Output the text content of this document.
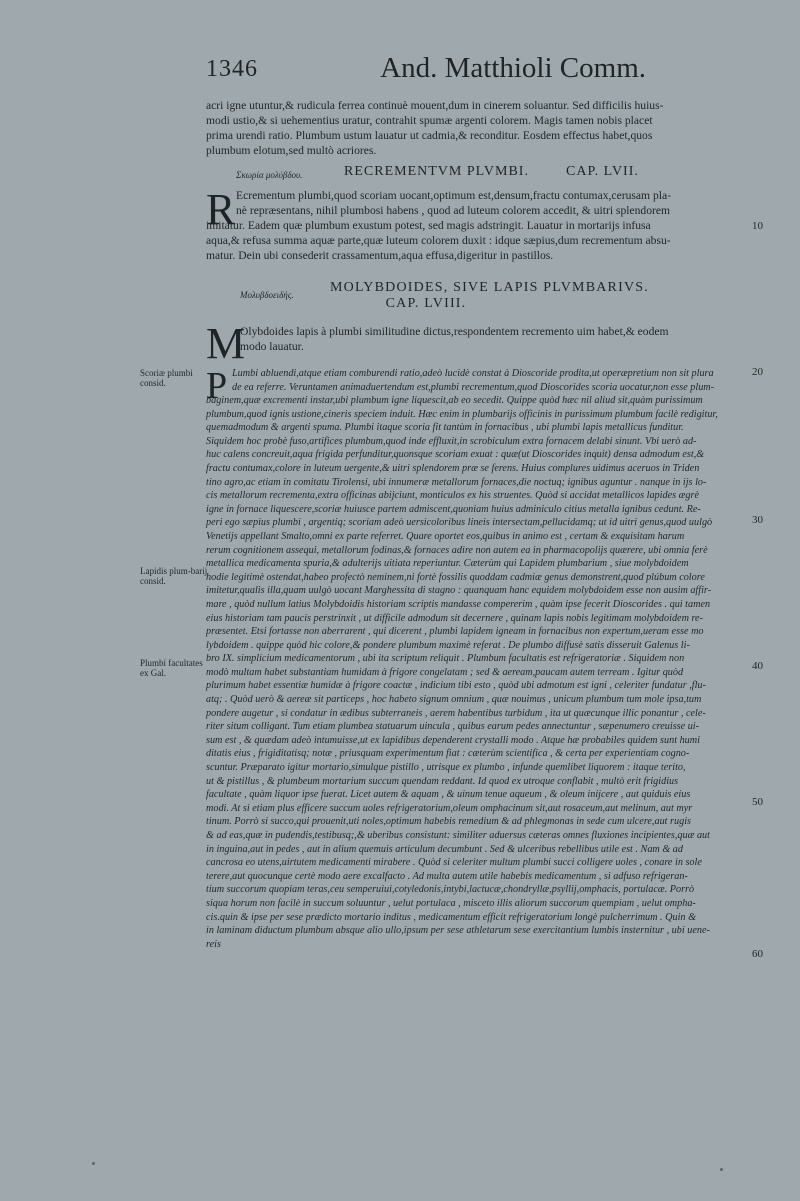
1346	And. Matthioli Comm.
acri igne utuntur,& rudicula ferrea continuè mouent,dum in cinerem soluantur. Sed difficilis huius-
modi ustio,& si uehementius uratur, contrahit spumæ argenti colorem. Magis tamen nobis placet
prima urendi ratio. Plumbum ustum lauatur ut cadmia,& reconditur. Eosdem effectus habet,quos
plumbum elotum,sed multò acriores.
Σκωρία μολύβδου.	RECREMENTVM PLVMBI.	CAP. LVII.
R Ecrementum plumbi,quod scoriam uocant,optimum est,densum,fractu contumax,cerusam pla-
nè repræsentans, nihil plumbosi habens , quod ad luteum colorem accedit, & uitri splendorem
imitatur. Eadem quæ plumbum exustum potest, sed magis adstringit. Lauatur in mortarijs infusa
aqua,& refusa summa aquæ parte,quæ luteum colorem duxit : idque sæpius,dum recrementum absu-
matur. Dein ubi consederit crassamentum,aqua effusa,digeritur in pastillos.
Μολυβδοειδής.	MOLYBDOIDES, SIVE LAPIS PLVMBARIVS.
CAP. LVIII.
M
Olybdoides lapis à plumbi similitudine dictus,respondentem recremento uim habet,& eodem
modo lauatur.
P Lumbi abluendi,atque etiam comburendi ratio,adeò lucidè constat à Dioscoride prodita,ut operæpretium non sit plura
de ea referre. Veruntamen animaduertendum est,plumbi recrementum,quod Dioscorides scoria uocatur,non esse plum-
baginem,quæ excrementi instar,ubi plumbum igne liquescit,ab eo secedit. Quippe quòd hæc nil aliud sit,quàm purissimum
plumbum,quod ignis ustione,cineris speciem induit. Hæc enim in plumbarijs officinis in purissimum plumbum facilè redigitur,
quemadmodum & argenti spuma. Plumbi itaque scoria fit tantùm in fornacibus , ubi plumbi lapis metallicus funditur.
Siquidem hoc probè fuso,artifices plumbum,quod inde effluxit,in scrobiculum extra fornacem delabi sinunt. Vbi uerò ad-
huc calens concreuit,aqua frigida perfunditur,quonsque scoriam exuat : quæ(ut Dioscorides inquit) densa admodum est,&
fractu contumax,colore in luteum uergente,& uitri splendorem præ se ferens. Huius complures uidimus aceruos in Triden
tino agro,ac etiam in comitatu Tirolensi, ubi innumeræ metallorum fornaces,die noctuq; ignibus aguntur . nanque in ijs lo-
cis metallorum recrementa,extra officinas abijciunt, monticulos ex his struentes. Quòd si accidat metallicos lapides ægrè
igne in fornace liquescere,scoriæ huiusce partem admiscent,quoniam huius adminiculo citius metalla ignibus cedunt. Re-
peri ego sæpius plumbi , argentiq; scoriam adeò uersicoloribus lineis intersectam,pellucidamq; ut id uitri genus,quod uulgò
Venetijs appellant Smalto,omni ex parte referret. Quare oportet eos,quibus in animo est , certam & exquisitam harum
rerum cognitionem assequi, metallorum fodinas,& fornaces adire non autem ea in pharmacopolijs quærere, ubi omnia ferè
metallica medicamenta spuria,& adulterijs uitiata reperiuntur. Cæterùm qui Lapidem plumbarium , siue molybdoidem
hodie legitimè ostendat,habeo profectò neminem,ni fortè fossilis quoddam cadmiæ genus demonstrent,quod plúbum colore
imitetur,qualis illa,quam uulgò uocant Marghessita di stagno : quanquam hanc equidem molybdoidem esse non ausim affir-
mare , quòd nullum latius Molybdoidis historiam scriptis mandasse compererim , quàm ipse fecerit Dioscorides . qui tamen
eius historiam tam paucis perstrinxit , ut difficile admodum sit decernere , quinam lapis nobis legitimam molybdoidem re-
præsentet. Etsi fortasse non aberrarent , qui dicerent , plumbi lapidem igneam in fornacibus non expertum,ueram esse mo
lybdoidem . quippe quòd hic colore,& pondere plumbum maximè referat . De plumbo diffusè satis disseruit Galenus li-
bro IX. simplicium medicamentorum , ubi ita scriptum reliquit . Plumbum facultatis est refrigeratoriæ . Siquidem non
modò multam habet substantiam humidam à frigore congelatam ; sed & aeream,paucam autem terream . Igitur quòd
plurimum habet essentiæ humidæ à frigore coactæ , indicium tibi esto , quòd ubi admotum est igni , celeriter fundatur ,flu-
atq; . Quòd uerò & aereæ sit particeps , hoc habeto signum omnium , quæ nouimus , unicum plumbum tum mole ipsa,tum
pondere augetur , si condatur in ædibus subterraneis , aerem habentibus turbidum , ita ut quæcunque illic ponantur , cele-
riter situm colligant. Tum etiam plumbea statuarum uincula , quibus earum pedes annectuntur , sæpenumero creuisse ui-
sum est , & quædam adeò intumuisse,ut ex lapidibus dependerent crystalli modo . Atque hæ probabiles quidem sunt humi
ditatis eius , frigiditatisq; notæ , priusquam experimentum fiat : cæterùm scientifica , & certa per experientiam cogno-
scuntur. Præparato igitur mortario,simulque pistillo , utrisque ex plumbo , infunde quemlibet liquorem : itaque terito,
ut & pistillus , & plumbeum mortarium succum quendam reddant. Id quod ex utroque conflabit , multò erit frigidius
facultate , quàm liquor ipse fuerat. Licet autem & aquam , & uinum tenue aqueum , & oleum inijcere , aut quiduis eius
modi. At si etiam plus efficere succum uoles refrigeratorium,oleum omphacinum sit,aut rosaceum,aut melinum, aut myr
tinum. Porrò si succo,qui prouenit,uti noles,optimum habebis remedium & ad phlegmonas in sede cum ulcere,aut rugis
& ad eas,quæ in pudendis,testibusq;,& uberibus consistunt: similiter aduersus cæteras omnes fluxiones incipientes,quæ aut
in inguina,aut in pedes , aut in alium quemuis articulum decumbunt . Sed & ulceribus rebellibus utile est . Nam & ad
cancrosa eo utens,uirtutem medicamenti mirabere . Quòd si celeriter multum plumbi succi colligere uoles , conare in sole
terere,aut quocunque certè modo aere excalfacto . Ad multa autem utile habebis medicamentum , si adfuso refrigeran-
tium succorum quopiam teras,ceu semperuiui,cotyledonis,intybi,lactucæ,chondryllæ,psyllij,omphacis, portulacæ. Porrò
siqua horum non facilè in succum soluuntur , uelut portulaca , misceto illis aliorum succorum quempiam , uelut ompha-
cis.quin & ipse per sese prædicto mortario inditus , medicamentum efficit refrigeratorium longè pulcherrimum . Quin &
in laminam diductum plumbum absque alio ullo,ipsum per sese athletarum sese exercitantium lumbis insternitur , ubi uene-
reis
Scoriæ plumbi consid.
Lapidis plum-barij consid.
Plumbi facultates ex Gal.
10
20
30
40
50
60
